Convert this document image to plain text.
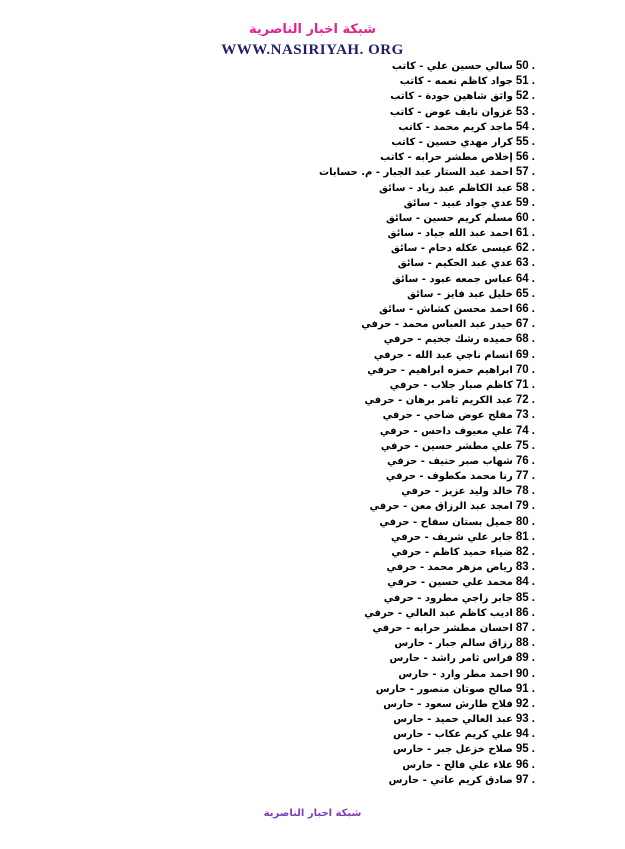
شبكة اخبار الناصرية
WWW.NASIRIYAH. ORG
سالي حسين علي - كاتب 50 .
جواد كاظم نعمه - كاتب 51 .
واثق شاهين جودة - كاتب 52 .
غزوان نايف عوض - كاتب 53 .
ماجد كريم محمد - كاتب 54 .
كرار مهدي حسين - كاتب 55 .
إخلاص مطشر حرابه - كاتب 56 .
احمد عبد الستار عبد الجبار - م. حسابات 57 .
عبد الكاظم عبد زياد - سائق 58 .
عدي جواد عبيد - سائق 59 .
مسلم كريم حسين - سائق 60 .
احمد عبد الله جياد - سائق 61 .
عيسى عكله دحام - سائق 62 .
عدي عبد الحكيم - سائق 63 .
عباس جمعه عبود - سائق 64 .
خليل عبد فايز - سائق 65 .
احمد محسن كشاش - سائق 66 .
حيدر عبد العباس محمد - حرفي 67 .
حميده رشك جخيم - حرفي 68 .
انسام ناجي عبد الله - حرفي 69 .
ابراهيم حمزه ابراهيم - حرفي 70 .
كاظم صبار جلاب - حرفي 71 .
عبد الكريم ثامر برهان - حرفي 72 .
مفلح عوض ضاحي - حرفي 73 .
علي معيوف داحس - حرفي 74 .
علي مطشر حسين - حرفي 75 .
شهاب صبر حنيف - حرفي 76 .
رنا محمد مكطوف - حرفي 77 .
خالد وليد عزيز - حرفي 78 .
امجد عبد الرزاق معن - حرفي 79 .
جميل بستان سفاح - حرفي 80 .
جابر علي شريف - حرفي 81 .
ضياء حميد كاظم - حرفي 82 .
رياض مزهر محمد - حرفي 83 .
محمد علي حسين - حرفي 84 .
جابر زاجي مطرود - حرفي 85 .
اديب كاظم عبد العالي - حرفي 86 .
احسان مطشر حرابه - حرفي 87 .
رزاق سالم جبار - حارس 88 .
فراس ثامر راشد - حارس 89 .
احمد مطر وارد - حارس 90 .
صالح صوتان منصور - حارس 91 .
فلاح طارش سعود - حارس 92 .
عبد العالي حميد - حارس 93 .
علي كريم عكاب - حارس 94 .
صلاح خزعل جبر - حارس 95 .
علاء علي فالح - حارس 96 .
صادق كريم عاتي - حارس 97 .
شبكة اخبار الناصرية
